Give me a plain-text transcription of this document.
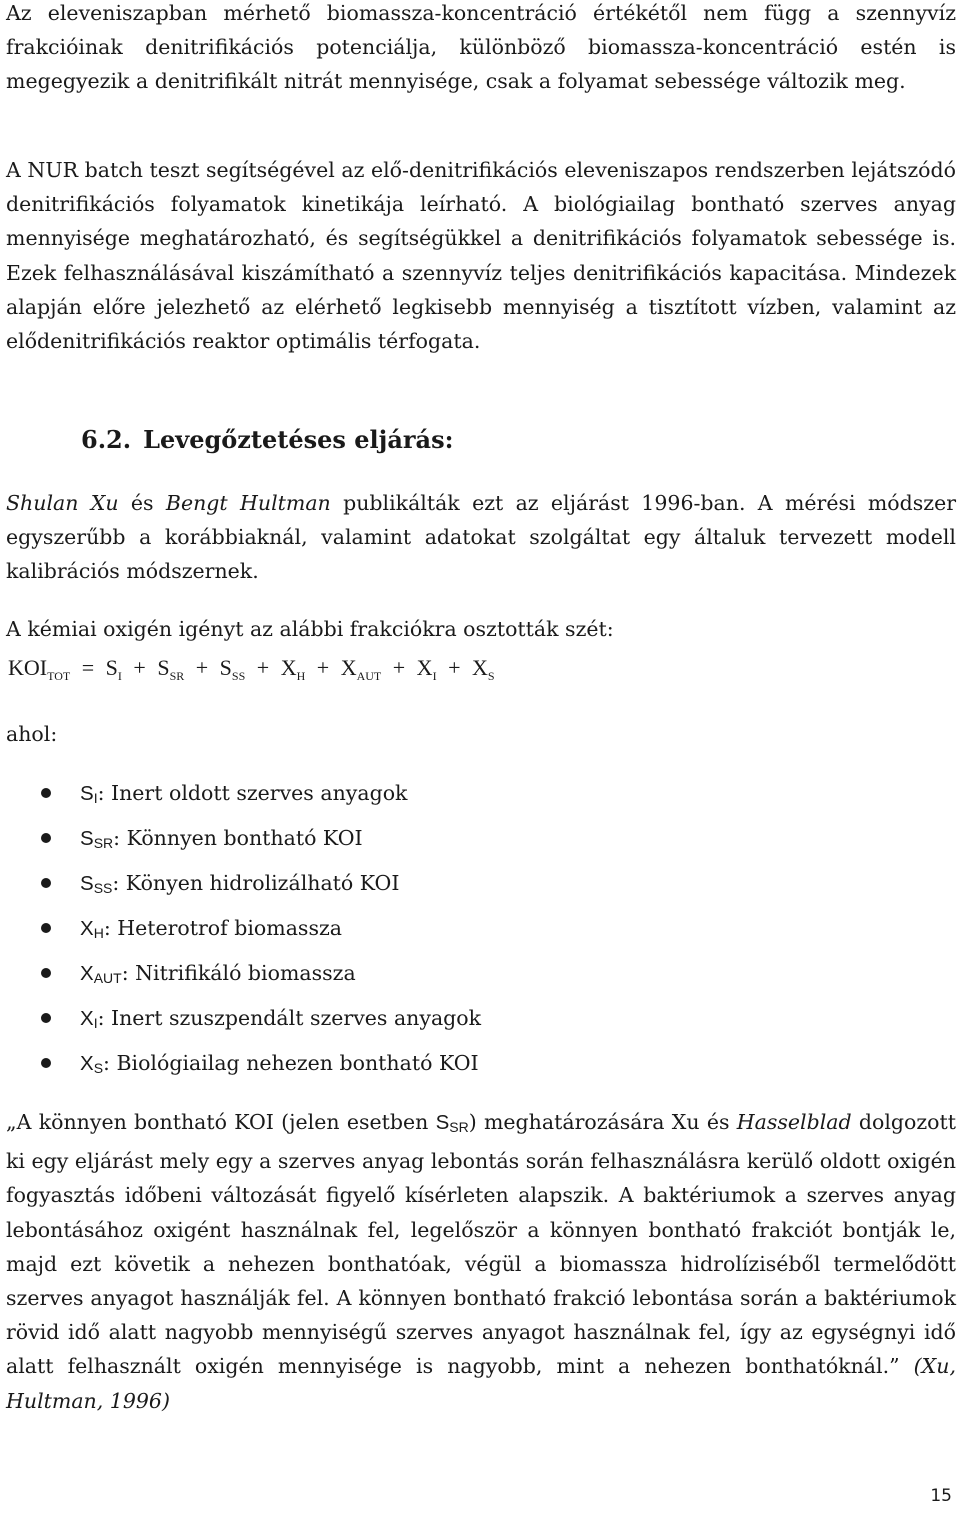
Az eleveniszapban mérhető biomassza-koncentráció értékétől nem függ a szennyvíz frakcióinak denitrifikációs potenciálja, különböző biomassza-koncentráció estén is megegyezik a denitrifikált nitrát mennyisége, csak a folyamat sebessége változik meg.

A NUR batch teszt segítségével az elő-denitrifikációs eleveniszapos rendszerben lejátszódó denitrifikációs folyamatok kinetikája leírható. A biológiailag bontható szerves anyag mennyisége meghatározható, és segítségükkel a denitrifikációs folyamatok sebessége is. Ezek felhasználásával kiszámítható a szennyvíz teljes denitrifikációs kapacitása. Mindezek alapján előre jelezhető az elérhető legkisebb mennyiség a tisztított vízben, valamint az elődenitrifikációs reaktor optimális térfogata.

6.2. Levegőztetéses eljárás:

Shulan Xu és Bengt Hultman publikálták ezt az eljárást 1996-ban. A mérési módszer egyszerűbb a korábbiaknál, valamint adatokat szolgáltat egy általuk tervezett modell kalibrációs módszernek.

A kémiai oxigén igényt az alábbi frakciókra osztották szét:

$KOI_{TOT} = S_I + S_{SR} + S_{SS} + X_H + X_{AUT} + X_I + X_S$

ahol:

$S_I$: Inert oldott szerves anyagok
$S_{SR}$: Könnyen bontható KOI
$S_{SS}$: Könyen hidrolizálható KOI
$X_H$: Heterotrof biomassza
$X_{AUT}$: Nitrifikáló biomassza
$X_I$: Inert szuszpendált szerves anyagok
$X_S$: Biológiailag nehezen bontható KOI

„A könnyen bontható KOI (jelen esetben $S_{SR}$) meghatározására Xu és Hasselblad dolgozott ki egy eljárást mely egy a szerves anyag lebontás során felhasználásra kerülő oldott oxigén fogyasztás időbeni változását figyelő kísérleten alapszik. A baktériumok a szerves anyag lebontásához oxigént használnak fel, legelőször a könnyen bontható frakciót bontják le, majd ezt követik a nehezen bonthatóak, végül a biomassza hidrolíziséből termelődött szerves anyagot használják fel. A könnyen bontható frakció lebontása során a baktériumok rövid idő alatt nagyobb mennyiségű szerves anyagot használnak fel, így az egységnyi idő alatt felhasznált oxigén mennyisége is nagyobb, mint a nehezen bonthatóknál.” (Xu, Hultman, 1996)

15
